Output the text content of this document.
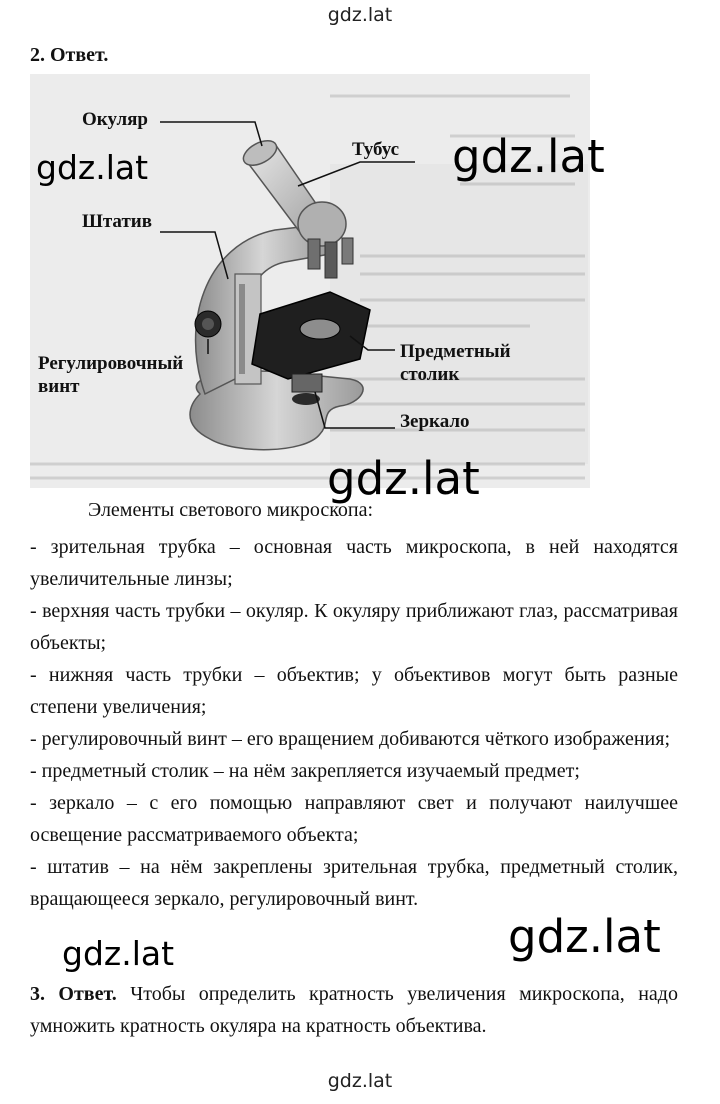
gdz.lat
2. Ответ.
Окуляр
Тубус
Штатив
Регулировочный
винт
Предметный
столик
Зеркало
gdz.lat	gdz.lat
gdz.lat
Элементы светового микроскопа:

- зрительная трубка – основная часть микроскопа, в ней находятся увеличительные линзы;

- верхняя часть трубки – окуляр. К окуляру приближают глаз, рассматривая объекты;

- нижняя часть трубки – объектив; у объективов могут быть разные степени увеличения;

- регулировочный винт – его вращением добиваются чёткого изображения;

- предметный столик – на нём закрепляется изучаемый предмет;

- зеркало – с его помощью направляют свет и получают наилучшее освещение рассматриваемого объекта;

- штатив – на нём закреплены зрительная трубка, предметный столик, вращающееся зеркало, регулировочный винт.

gdz.lat	gdz.lat
3. Ответ. Чтобы определить кратность увеличения микроскопа, надо умножить кратность окуляра на кратность объектива.
gdz.lat
